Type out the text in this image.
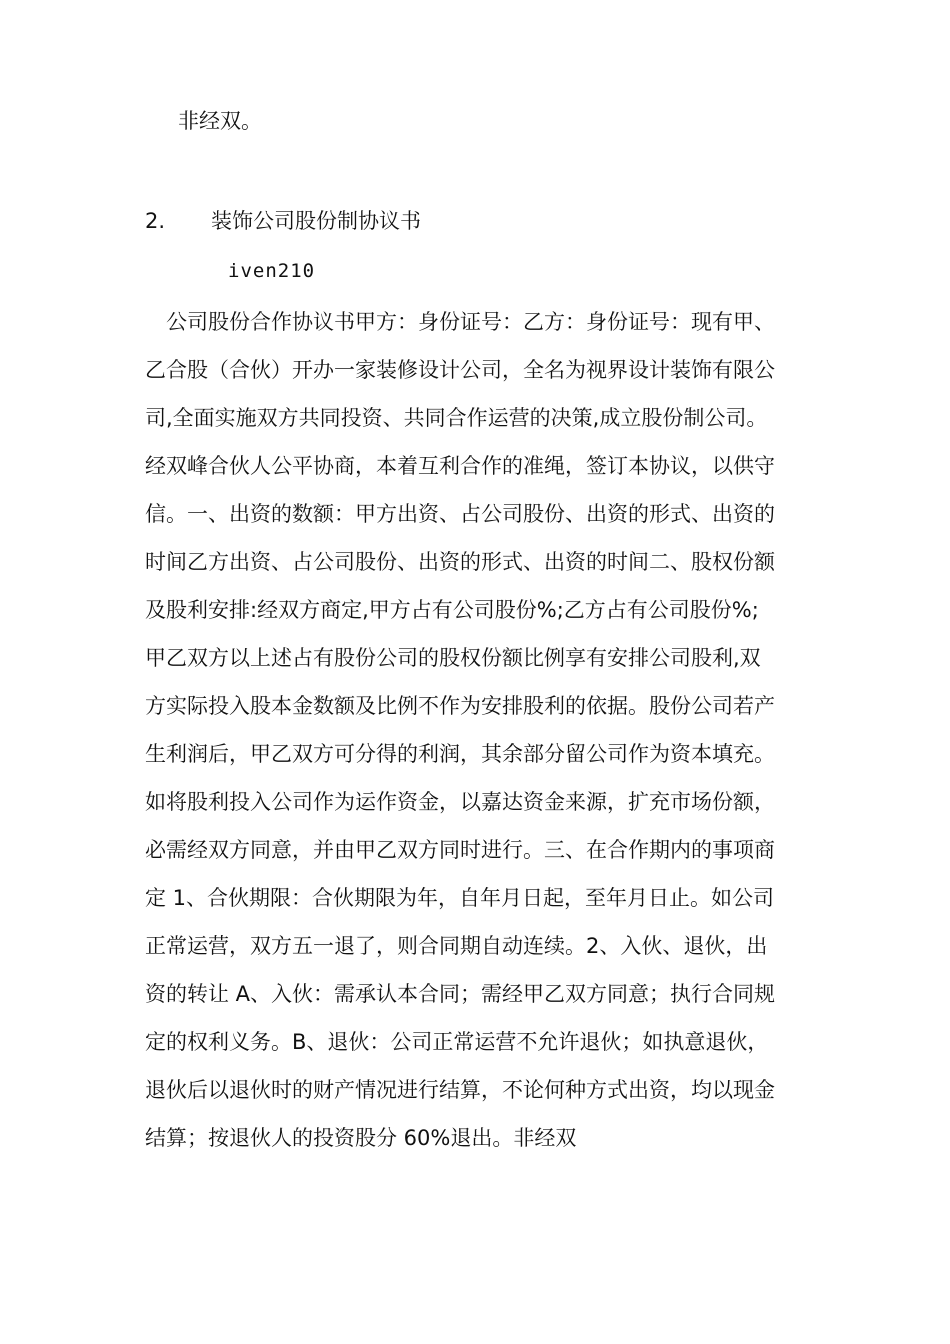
非经双。
2. 装饰公司股份制协议书
iven210
　公司股份合作协议书甲方：身份证号：乙方：身份证号：现有甲、
乙合股（合伙）开办一家装修设计公司，全名为视界设计装饰有限公
司,全面实施双方共同投资、共同合作运营的决策,成立股份制公司。
经双峰合伙人公平协商，本着互利合作的准绳，签订本协议，以供守
信。一、出资的数额：甲方出资、占公司股份、出资的形式、出资的
时间乙方出资、占公司股份、出资的形式、出资的时间二、股权份额
及股利安排:经双方商定,甲方占有公司股份%;乙方占有公司股份%;
甲乙双方以上述占有股份公司的股权份额比例享有安排公司股利,双
方实际投入股本金数额及比例不作为安排股利的依据。股份公司若产
生利润后，甲乙双方可分得的利润，其余部分留公司作为资本填充。
如将股利投入公司作为运作资金，以嘉达资金来源，扩充市场份额，
必需经双方同意，并由甲乙双方同时进行。三、在合作期内的事项商
定 1、合伙期限：合伙期限为年，自年月日起，至年月日止。如公司
正常运营，双方五一退了，则合同期自动连续。2、入伙、退伙，出
资的转让 A、入伙：需承认本合同；需经甲乙双方同意；执行合同规
定的权利义务。B、退伙：公司正常运营不允许退伙；如执意退伙，
退伙后以退伙时的财产情况进行结算，不论何种方式出资，均以现金
结算；按退伙人的投资股分 60%退出。非经双
